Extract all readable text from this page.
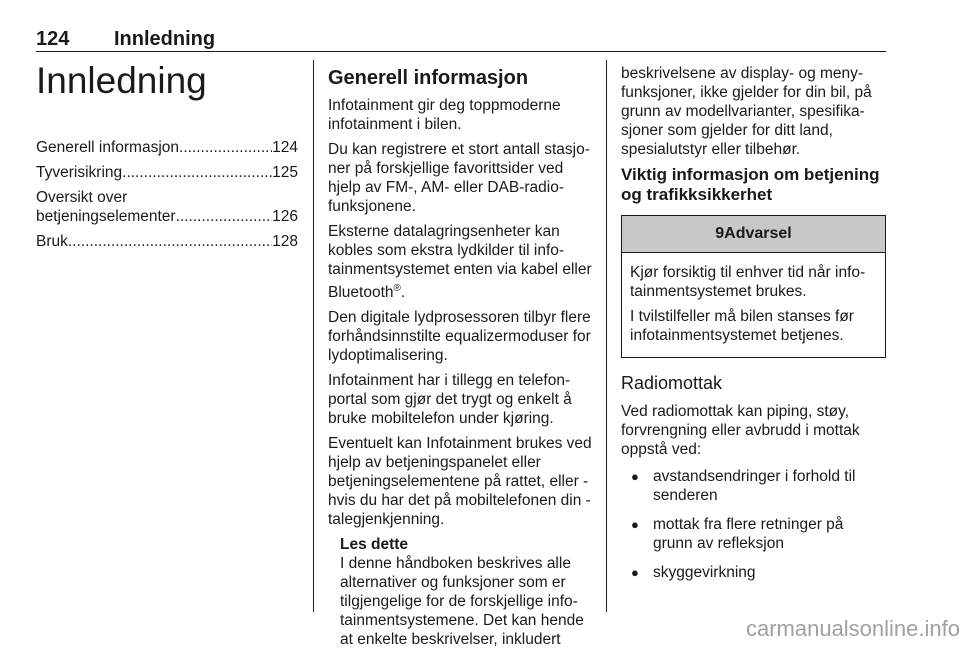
124 Innledning
Innledning
Generell informasjon .....	124
Tyverisikring .....	125
Oversikt over
betjeningselementer .....	126
Bruk .....	128
Generell informasjon

Infotainment gir deg toppmoderne infotainment i bilen.

Du kan registrere et stort antall stasjoner på forskjellige favorittsider ved hjelp av FM-, AM- eller DAB-radiofunksjonene.

Eksterne datalagringsenheter kan kobles som ekstra lydkilder til infotainmentsystemet enten via kabel eller Bluetooth®.

Den digitale lydprosessoren tilbyr flere forhåndsinnstilte equalizermoduser for lydoptimalisering.

Infotainment har i tillegg en telefonportal som gjør det trygt og enkelt å bruke mobiltelefon under kjøring.

Eventuelt kan Infotainment brukes ved hjelp av betjeningspanelet eller betjeningselementene på rattet, eller - hvis du har det på mobiltelefonen din - talegjenkjenning.

Les dette
I denne håndboken beskrives alle alternativer og funksjoner som er tilgjengelige for de forskjellige infotainmentsystemene. Det kan hende at enkelte beskrivelser, inkludert

beskrivelsene av display- og menyfunksjoner, ikke gjelder for din bil, på grunn av modellvarianter, spesifikasjoner som gjelder for ditt land, spesialutstyr eller tilbehør.

Viktig informasjon om betjening og trafikksikkerhet
9Advarsel

Kjør forsiktig til enhver tid når infotainmentsystemet brukes.

I tvilstilfeller må bilen stanses før infotainmentsystemet betjenes.

Radiomottak

Ved radiomottak kan piping, støy, forvrengning eller avbrudd i mottak oppstå ved:

● avstandsendringer i forhold til senderen
● mottak fra flere retninger på grunn av refleksjon
● skyggevirkning
carmanualsonline.info
